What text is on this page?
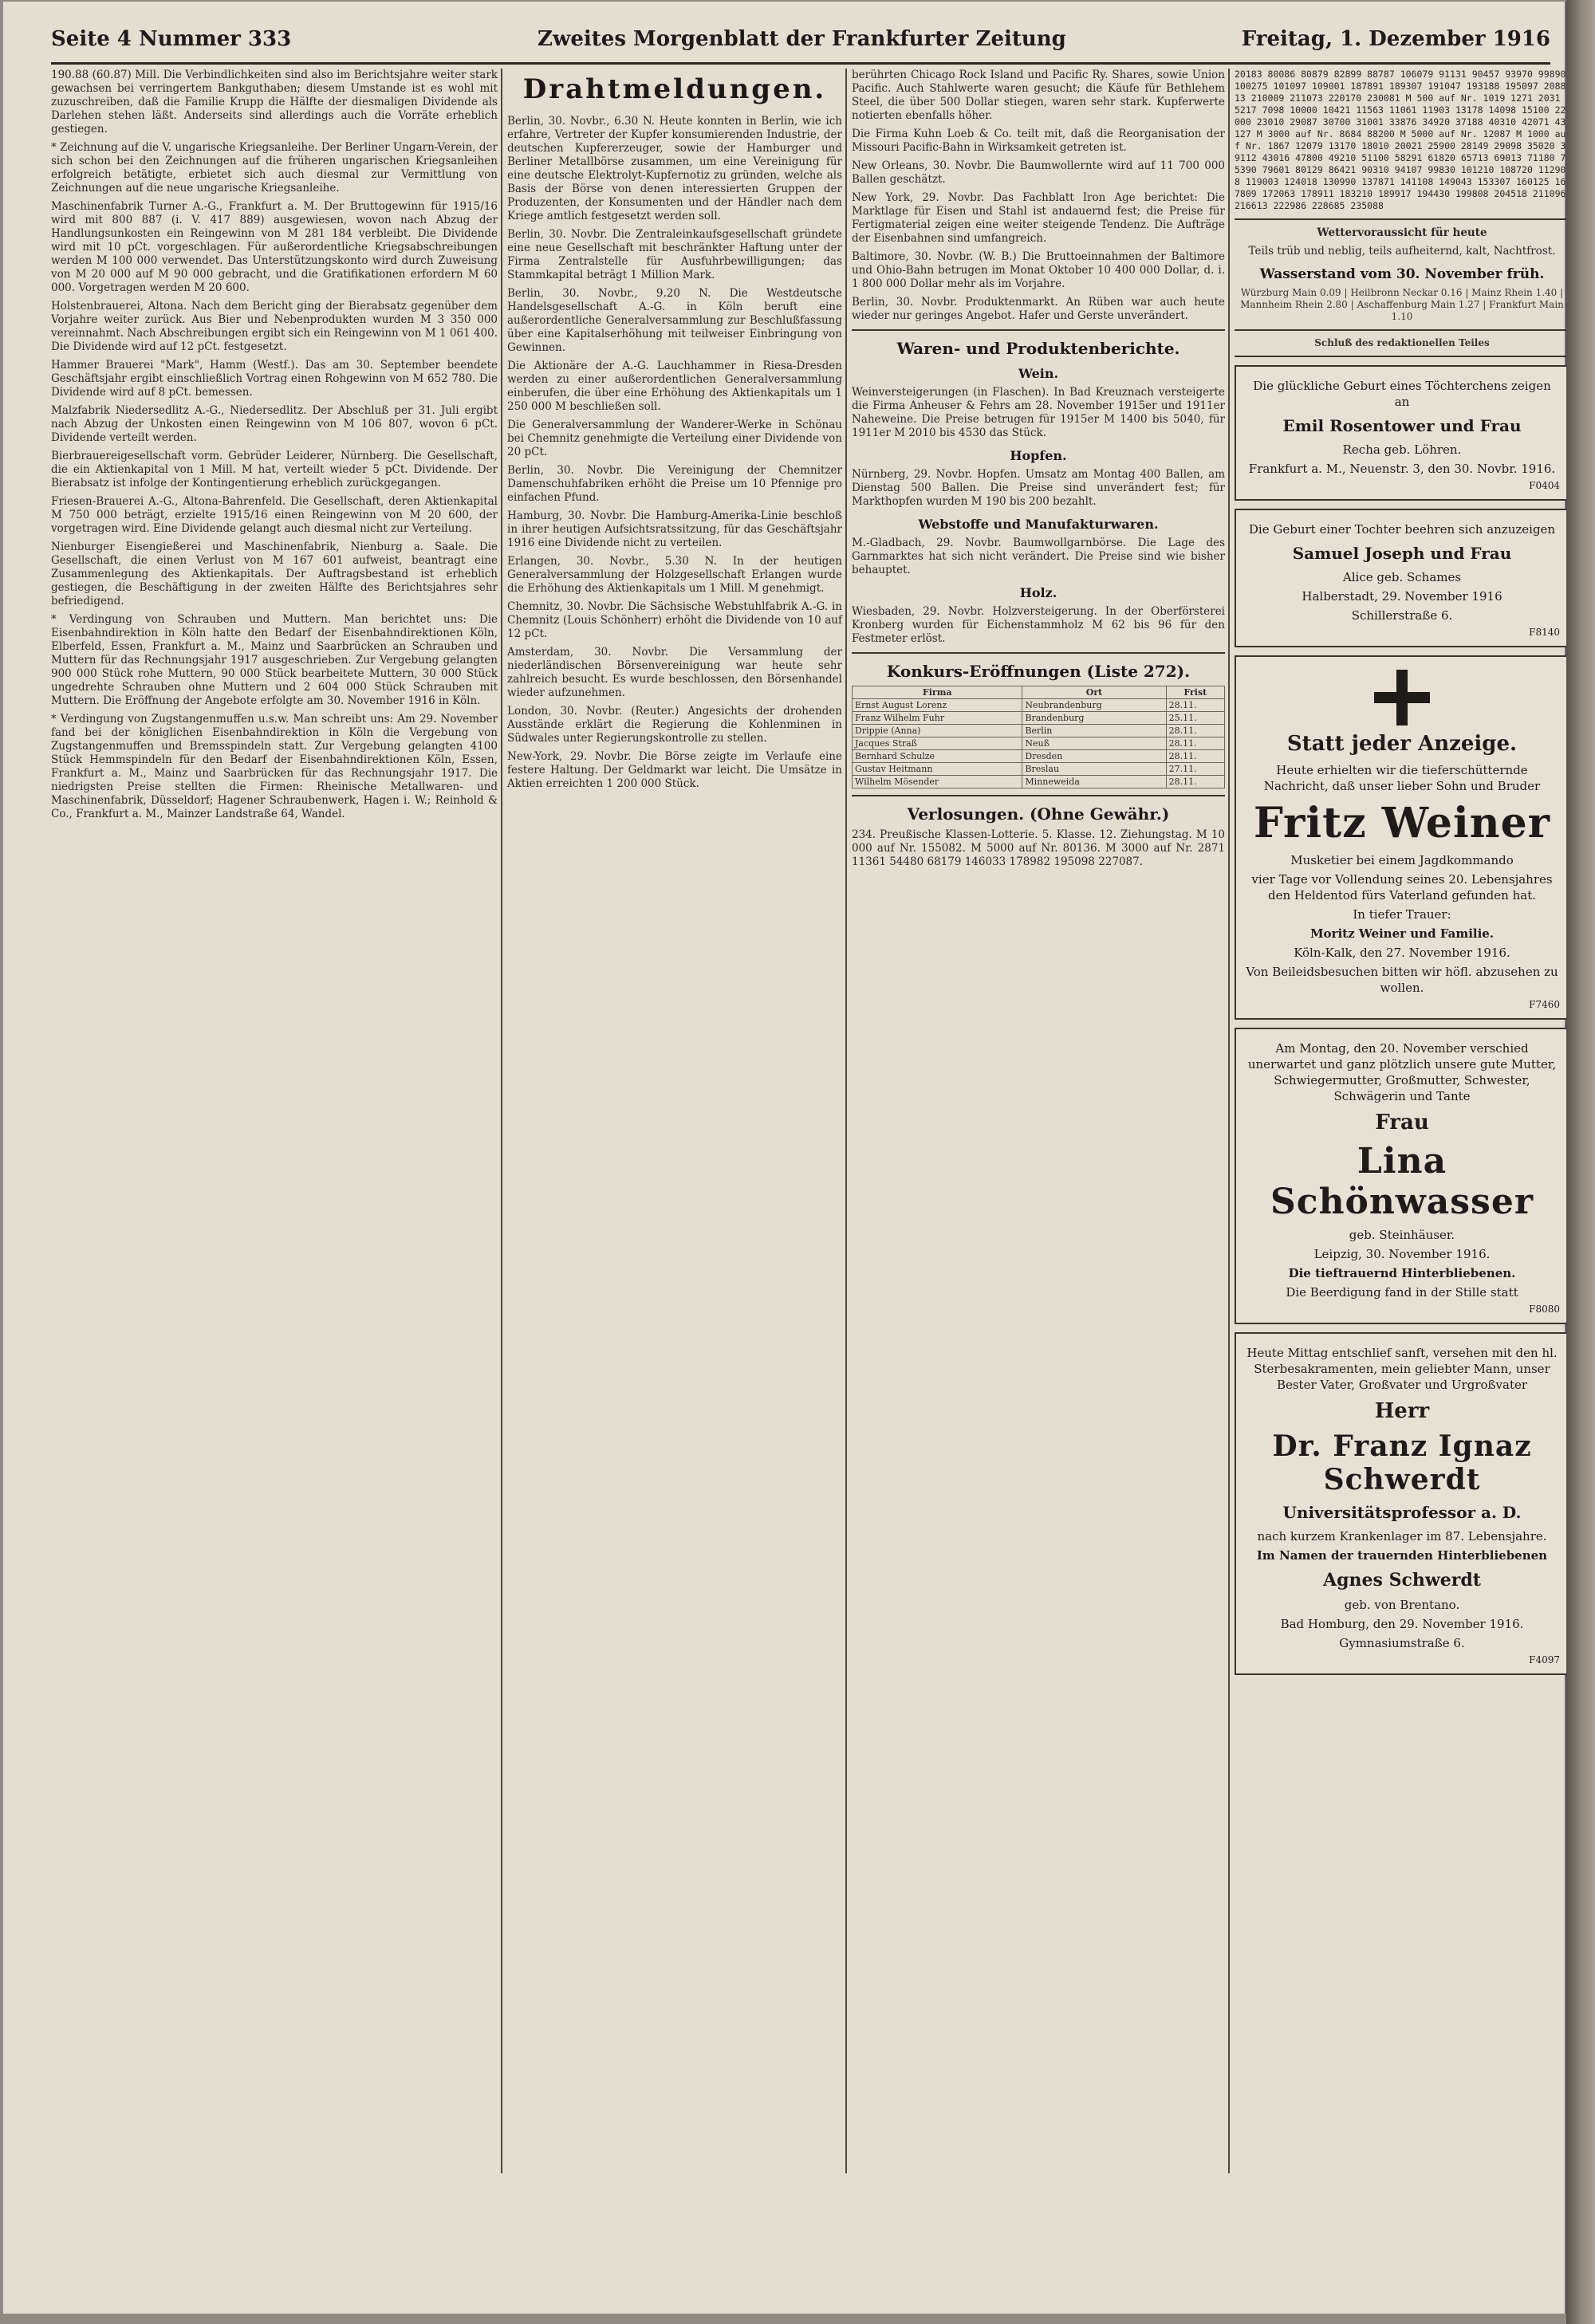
Seite 4 Nummer 333	Zweites Morgenblatt der Frankfurter Zeitung	Freitag, 1. Dezember 1916

190.88 (60.87) Mill. Die Verbindlichkeiten sind also im Berichtsjahre weiter stark gewachsen bei verringertem Bankguthaben; diesem Umstande ist es wohl mit zuzuschreiben, daß die Familie Krupp die Hälfte der diesmaligen Dividende als Darlehen stehen läßt. Anderseits sind allerdings auch die Vorräte erheblich gestiegen.

* Zeichnung auf die V. ungarische Kriegsanleihe. Der Berliner Ungarn-Verein, der sich schon bei den Zeichnungen auf die früheren ungarischen Kriegsanleihen erfolgreich betätigte, erbietet sich auch diesmal zur Vermittlung von Zeichnungen auf die neue ungarische Kriegsanleihe.

Maschinenfabrik Turner A.-G., Frankfurt a. M. Der Bruttogewinn für 1915/16 wird mit 800 887 (i. V. 417 889) ausgewiesen, wovon nach Abzug der Handlungsunkosten ein Reingewinn von M 281 184 verbleibt. Die Dividende wird mit 10 pCt. vorgeschlagen. Für außerordentliche Kriegsabschreibungen werden M 100 000 verwendet. Das Unterstützungskonto wird durch Zuweisung von M 20 000 auf M 90 000 gebracht, und die Gratifikationen erfordern M 60 000. Vorgetragen werden M 20 600.

Holstenbrauerei, Altona. Nach dem Bericht ging der Bierabsatz gegenüber dem Vorjahre weiter zurück. Aus Bier und Nebenprodukten wurden M 3 350 000 vereinnahmt. Nach Abschreibungen ergibt sich ein Reingewinn von M 1 061 400. Die Dividende wird auf 12 pCt. festgesetzt.

Hammer Brauerei "Mark", Hamm (Westf.). Das am 30. September beendete Geschäftsjahr ergibt einschließlich Vortrag einen Rohgewinn von M 652 780. Die Dividende wird auf 8 pCt. bemessen.

Malzfabrik Niedersedlitz A.-G., Niedersedlitz. Der Abschluß per 31. Juli ergibt nach Abzug der Unkosten einen Reingewinn von M 106 807, wovon 6 pCt. Dividende verteilt werden.

Bierbrauereigesellschaft vorm. Gebrüder Leiderer, Nürnberg. Die Gesellschaft, die ein Aktienkapital von 1 Mill. M hat, verteilt wieder 5 pCt. Dividende. Der Bierabsatz ist infolge der Kontingentierung erheblich zurückgegangen.

Friesen-Brauerei A.-G., Altona-Bahrenfeld. Die Gesellschaft, deren Aktienkapital M 750 000 beträgt, erzielte 1915/16 einen Reingewinn von M 20 600, der vorgetragen wird. Eine Dividende gelangt auch diesmal nicht zur Verteilung.

Nienburger Eisengießerei und Maschinenfabrik, Nienburg a. Saale. Die Gesellschaft, die einen Verlust von M 167 601 aufweist, beantragt eine Zusammenlegung des Aktienkapitals. Der Auftragsbestand ist erheblich gestiegen, die Beschäftigung in der zweiten Hälfte des Berichtsjahres sehr befriedigend.

* Verdingung von Schrauben und Muttern. Man berichtet uns: Die Eisenbahndirektion in Köln hatte den Bedarf der Eisenbahndirektionen Köln, Elberfeld, Essen, Frankfurt a. M., Mainz und Saarbrücken an Schrauben und Muttern für das Rechnungsjahr 1917 ausgeschrieben. Zur Vergebung gelangten 900 000 Stück rohe Muttern, 90 000 Stück bearbeitete Muttern, 30 000 Stück ungedrehte Schrauben ohne Muttern und 2 604 000 Stück Schrauben mit Muttern. Die Eröffnung der Angebote erfolgte am 30. November 1916 in Köln.

* Verdingung von Zugstangenmuffen u.s.w. Man schreibt uns: Am 29. November fand bei der königlichen Eisenbahndirektion in Köln die Vergebung von Zugstangenmuffen und Bremsspindeln statt. Zur Vergebung gelangten 4100 Stück Hemmspindeln für den Bedarf der Eisenbahndirektionen Köln, Essen, Frankfurt a. M., Mainz und Saarbrücken für das Rechnungsjahr 1917. Die niedrigsten Preise stellten die Firmen: Rheinische Metallwaren- und Maschinenfabrik, Düsseldorf; Hagener Schraubenwerk, Hagen i. W.; Reinhold & Co., Frankfurt a. M., Mainzer Landstraße 64, Wandel.

Drahtmeldungen.

Berlin, 30. Novbr., 6.30 N. Heute konnten in Berlin, wie ich erfahre, Vertreter der Kupfer konsumierenden Industrie, der deutschen Kupfererzeuger, sowie der Hamburger und Berliner Metallbörse zusammen, um eine Vereinigung für eine deutsche Elektrolyt-Kupfernotiz zu gründen, welche als Basis der Börse von denen interessierten Gruppen der Produzenten, der Konsumenten und der Händler nach dem Kriege amtlich festgesetzt werden soll.

Berlin, 30. Novbr. Die Zentraleinkaufsgesellschaft gründete eine neue Gesellschaft mit beschränkter Haftung unter der Firma Zentralstelle für Ausfuhrbewilligungen; das Stammkapital beträgt 1 Million Mark.

Berlin, 30. Novbr., 9.20 N. Die Westdeutsche Handelsgesellschaft A.-G. in Köln beruft eine außerordentliche Generalversammlung zur Beschlußfassung über eine Kapitalserhöhung mit teilweiser Einbringung von Gewinnen.

Die Aktionäre der A.-G. Lauchhammer in Riesa-Dresden werden zu einer außerordentlichen Generalversammlung einberufen, die über eine Erhöhung des Aktienkapitals um 1 250 000 M beschließen soll.

Die Generalversammlung der Wanderer-Werke in Schönau bei Chemnitz genehmigte die Verteilung einer Dividende von 20 pCt.

Berlin, 30. Novbr. Die Vereinigung der Chemnitzer Damenschuhfabriken erhöht die Preise um 10 Pfennige pro einfachen Pfund.

Hamburg, 30. Novbr. Die Hamburg-Amerika-Linie beschloß in ihrer heutigen Aufsichtsratssitzung, für das Geschäftsjahr 1916 eine Dividende nicht zu verteilen.

Erlangen, 30. Novbr., 5.30 N. In der heutigen Generalversammlung der Holzgesellschaft Erlangen wurde die Erhöhung des Aktienkapitals um 1 Mill. M genehmigt.

Chemnitz, 30. Novbr. Die Sächsische Webstuhlfabrik A.-G. in Chemnitz (Louis Schönherr) erhöht die Dividende von 10 auf 12 pCt.

Amsterdam, 30. Novbr. Die Versammlung der niederländischen Börsenvereinigung war heute sehr zahlreich besucht. Es wurde beschlossen, den Börsenhandel wieder aufzunehmen.

London, 30. Novbr. (Reuter.) Angesichts der drohenden Ausstände erklärt die Regierung die Kohlenminen in Südwales unter Regierungskontrolle zu stellen.

New-York, 29. Novbr. Die Börse zeigte im Verlaufe eine festere Haltung. Der Geldmarkt war leicht. Die Umsätze in Aktien erreichten 1 200 000 Stück.

berührten Chicago Rock Island und Pacific Ry. Shares, sowie Union Pacific. Auch Stahlwerte waren gesucht; die Käufe für Bethlehem Steel, die über 500 Dollar stiegen, waren sehr stark. Kupferwerte notierten ebenfalls höher.

Die Firma Kuhn Loeb & Co. teilt mit, daß die Reorganisation der Missouri Pacific-Bahn in Wirksamkeit getreten ist.

New Orleans, 30. Novbr. Die Baumwollernte wird auf 11 700 000 Ballen geschätzt.

New York, 29. Novbr. Das Fachblatt Iron Age berichtet: Die Marktlage für Eisen und Stahl ist andauernd fest; die Preise für Fertigmaterial zeigen eine weiter steigende Tendenz. Die Aufträge der Eisenbahnen sind umfangreich.

Baltimore, 30. Novbr. (W. B.) Die Bruttoeinnahmen der Baltimore und Ohio-Bahn betrugen im Monat Oktober 10 400 000 Dollar, d. i. 1 800 000 Dollar mehr als im Vorjahre.

Berlin, 30. Novbr. Produktenmarkt. An Rüben war auch heute wieder nur geringes Angebot. Hafer und Gerste unverändert.

Waren- und Produktenberichte.
Wein.

Weinversteigerungen (in Flaschen). In Bad Kreuznach versteigerte die Firma Anheuser & Fehrs am 28. November 1915er und 1911er Naheweine. Die Preise betrugen für 1915er M 1400 bis 5040, für 1911er M 2010 bis 4530 das Stück.

Hopfen.

Nürnberg, 29. Novbr. Hopfen. Umsatz am Montag 400 Ballen, am Dienstag 500 Ballen. Die Preise sind unverändert fest; für Markthopfen wurden M 190 bis 200 bezahlt.

Webstoffe und Manufakturwaren.

M.-Gladbach, 29. Novbr. Baumwollgarnbörse. Die Lage des Garnmarktes hat sich nicht verändert. Die Preise sind wie bisher behauptet.

Holz.

Wiesbaden, 29. Novbr. Holzversteigerung. In der Oberförsterei Kronberg wurden für Eichenstammholz M 62 bis 96 für den Festmeter erlöst.

Konkurs-Eröffnungen (Liste 272).
Firma	Ort	Frist
Ernst August Lorenz	Neubrandenburg	28.11.
Franz Wilhelm Fuhr	Brandenburg	25.11.
Drippie (Anna)	Berlin	28.11.
Jacques Straß	Neuß	28.11.
Bernhard Schulze	Dresden	28.11.
Gustav Heitmann	Breslau	27.11.
Wilhelm Mösender	Minneweida	28.11.
Verlosungen. (Ohne Gewähr.)

234. Preußische Klassen-Lotterie. 5. Klasse. 12. Ziehungstag. M 10 000 auf Nr. 155082. M 5000 auf Nr. 80136. M 3000 auf Nr. 2871 11361 54480 68179 146033 178982 195098 227087.

20183 80086 80879 82899 88787 106079 91131 90457 93970 99890 100275 101097 109001 187891 189307 191047 193188 195097 208813 210009 211073 220170 230081 M 500 auf Nr. 1019 1271 2031 5217 7098 10000 10421 11563 11061 11903 13178 14098 15100 22000 23010 29087 30700 31001 33876 34920 37188 40310 42071 43127 M 3000 auf Nr. 8684 88200 M 5000 auf Nr. 12087 M 1000 auf Nr. 1867 12079 13170 18010 20021 25900 28149 29098 35020 39112 43016 47800 49210 51100 58291 61820 65713 69013 71180 75390 79601 80129 86421 90310 94107 99830 101210 108720 112908 119003 124018 130990 137871 141108 149043 153307 160125 167809 172063 178911 183210 189917 194430 199808 204518 211096 216613 222986 228685 235088
Wettervoraussicht für heute
Teils trüb und neblig, teils aufheiternd, kalt, Nachtfrost.
Wasserstand vom 30. November früh.
Würzburg Main 0.09 | Heilbronn Neckar 0.16 | Mainz Rhein 1.40 | Mannheim Rhein 2.80 | Aschaffenburg Main 1.27 | Frankfurt Main 1.10
Schluß des redaktionellen Teiles
Die glückliche Geburt eines Töchterchens zeigen an
Emil Rosentower und Frau
Recha geb. Löhren.
Frankfurt a. M., Neuenstr. 3, den 30. Novbr. 1916.
F0404
Die Geburt einer Tochter beehren sich anzuzeigen
Samuel Joseph und Frau
Alice geb. Schames
Halberstadt, 29. November 1916
Schillerstraße 6.
F8140
Statt jeder Anzeige.
Heute erhielten wir die tieferschütternde Nachricht, daß unser lieber Sohn und Bruder
Fritz Weiner
Musketier bei einem Jagdkommando
vier Tage vor Vollendung seines 20. Lebensjahres den Heldentod fürs Vaterland gefunden hat.
In tiefer Trauer:
Moritz Weiner und Familie.
Köln-Kalk, den 27. November 1916.
Von Beileidsbesuchen bitten wir höfl. abzusehen zu wollen.
F7460
Am Montag, den 20. November verschied unerwartet und ganz plötzlich unsere gute Mutter, Schwiegermutter, Großmutter, Schwester, Schwägerin und Tante
Frau
Lina Schönwasser
geb. Steinhäuser.
Leipzig, 30. November 1916.
Die tieftrauernd Hinterbliebenen.
Die Beerdigung fand in der Stille statt
F8080
Heute Mittag entschlief sanft, versehen mit den hl. Sterbesakramenten, mein geliebter Mann, unser Bester Vater, Großvater und Urgroßvater
Herr
Dr. Franz Ignaz Schwerdt
Universitätsprofessor a. D.
nach kurzem Krankenlager im 87. Lebensjahre.
Im Namen der trauernden Hinterbliebenen
Agnes Schwerdt
geb. von Brentano.
Bad Homburg, den 29. November 1916.
Gymnasiumstraße 6.
F4097
